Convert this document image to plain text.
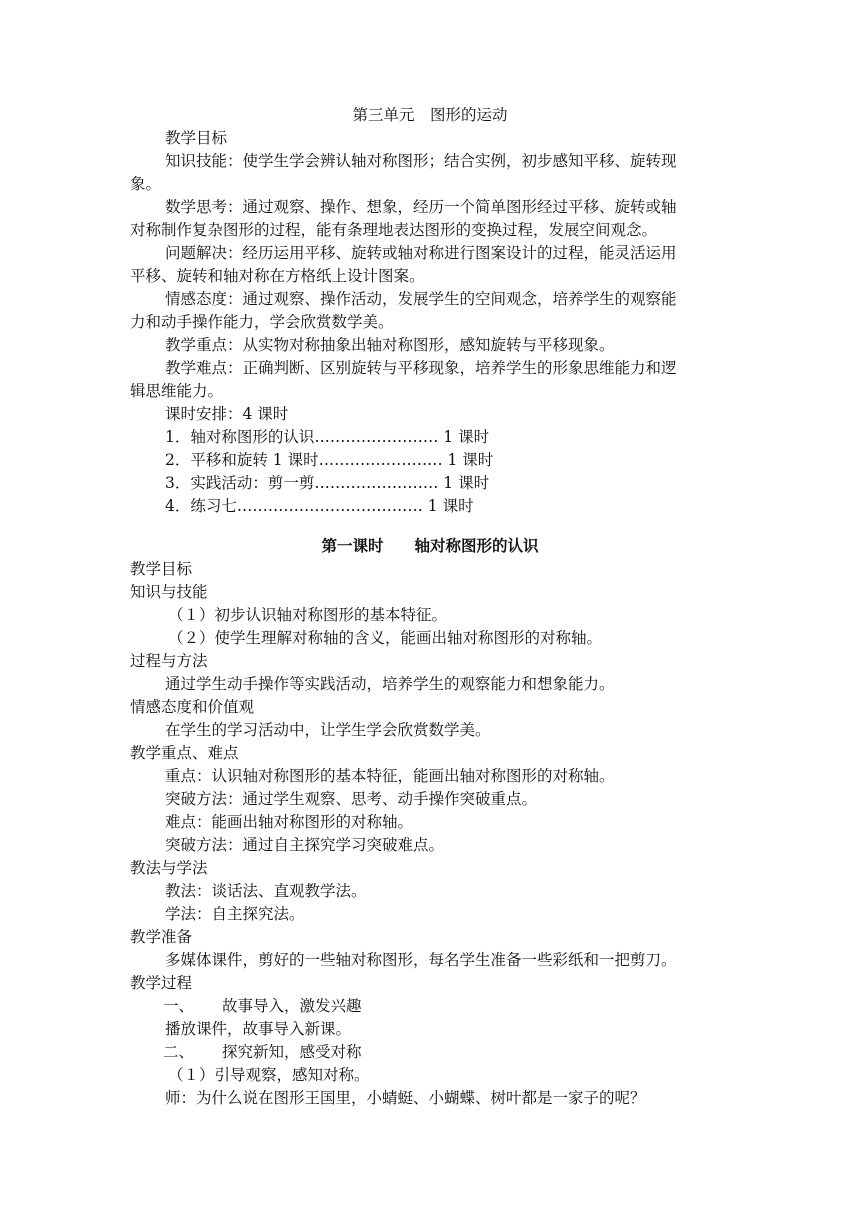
第三单元　图形的运动
教学目标
知识技能：使学生学会辨认轴对称图形；结合实例，初步感知平移、旋转现
象。
数学思考：通过观察、操作、想象，经历一个简单图形经过平移、旋转或轴
对称制作复杂图形的过程，能有条理地表达图形的变换过程，发展空间观念。
问题解决：经历运用平移、旋转或轴对称进行图案设计的过程，能灵活运用
平移、旋转和轴对称在方格纸上设计图案。
情感态度：通过观察、操作活动，发展学生的空间观念，培养学生的观察能
力和动手操作能力，学会欣赏数学美。
教学重点：从实物对称抽象出轴对称图形，感知旋转与平移现象。
教学难点：正确判断、区别旋转与平移现象，培养学生的形象思维能力和逻
辑思维能力。
课时安排：4 课时
1．轴对称图形的认识…………………… 1 课时
2．平移和旋转 1 课时…………………… 1 课时
3．实践活动：剪一剪…………………… 1 课时
4．练习七……………………………… 1 课时
第一课时　　轴对称图形的认识
教学目标
知识与技能
（１）初步认识轴对称图形的基本特征。
（２）使学生理解对称轴的含义，能画出轴对称图形的对称轴。
过程与方法
通过学生动手操作等实践活动，培养学生的观察能力和想象能力。
情感态度和价值观
在学生的学习活动中，让学生学会欣赏数学美。
教学重点、难点
重点：认识轴对称图形的基本特征，能画出轴对称图形的对称轴。
突破方法：通过学生观察、思考、动手操作突破重点。
难点：能画出轴对称图形的对称轴。
突破方法：通过自主探究学习突破难点。
教法与学法
教法：谈话法、直观教学法。
学法：自主探究法。
教学准备
多媒体课件，剪好的一些轴对称图形，每名学生准备一些彩纸和一把剪刀。
教学过程
一、 故事导入，激发兴趣
播放课件，故事导入新课。
二、 探究新知，感受对称
（１）引导观察，感知对称。
师：为什么说在图形王国里，小蜻蜓、小蝴蝶、树叶都是一家子的呢？
